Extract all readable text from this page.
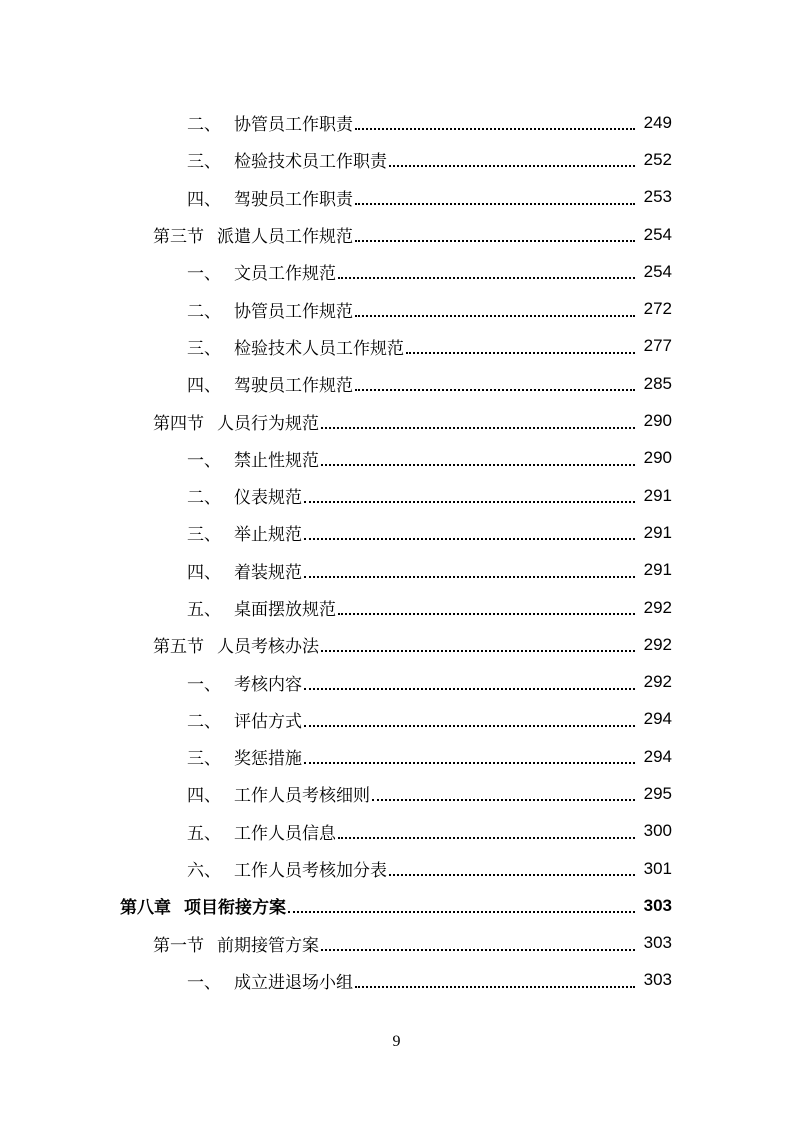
二、 协管员工作职责	249
三、 检验技术员工作职责	252
四、 驾驶员工作职责	253
第三节 派遣人员工作规范	254
一、 文员工作规范	254
二、 协管员工作规范	272
三、 检验技术人员工作规范	277
四、 驾驶员工作规范	285
第四节 人员行为规范	290
一、 禁止性规范	290
二、 仪表规范	291
三、 举止规范	291
四、 着装规范	291
五、 桌面摆放规范	292
第五节 人员考核办法	292
一、 考核内容	292
二、 评估方式	294
三、 奖惩措施	294
四、 工作人员考核细则	295
五、 工作人员信息	300
六、 工作人员考核加分表	301
第八章 项目衔接方案	303
第一节 前期接管方案	303
一、 成立进退场小组	303
9
